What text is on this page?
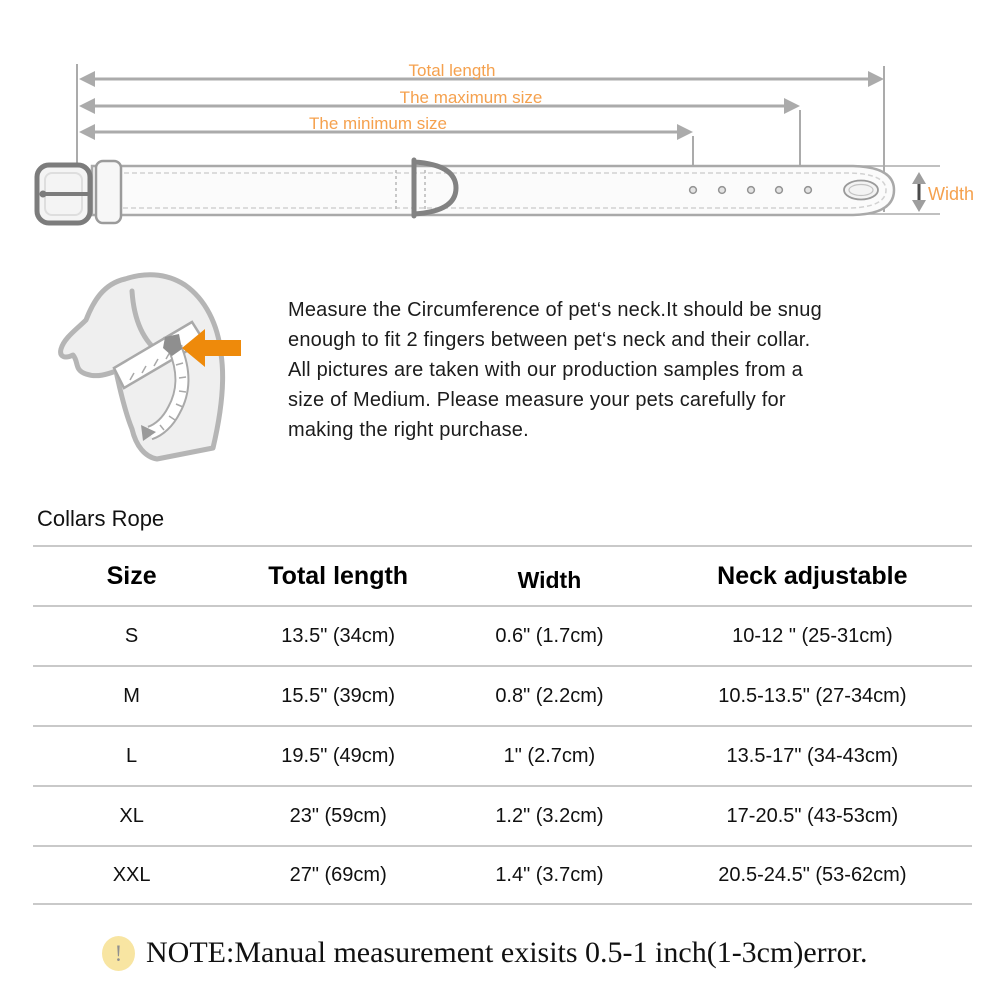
Total length
The maximum size
The minimum size
Width
Measure the Circumference of pet‘s neck.It should be snug
enough to fit 2 fingers between pet‘s neck and their collar.
All pictures are taken with our production samples from a
size of Medium. Please measure your pets carefully for
making the right purchase.
Collars Rope
Size	Total length	Width	Neck adjustable
S	13.5" (34cm)	0.6" (1.7cm)	10-12 " (25-31cm)
M	15.5" (39cm)	0.8" (2.2cm)	10.5-13.5" (27-34cm)
L	19.5" (49cm)	1" (2.7cm)	13.5-17" (34-43cm)
XL	23" (59cm)	1.2" (3.2cm)	17-20.5" (43-53cm)
XXL	27" (69cm)	1.4" (3.7cm)	20.5-24.5" (53-62cm)
! NOTE:Manual measurement exisits 0.5-1 inch(1-3cm)error.
